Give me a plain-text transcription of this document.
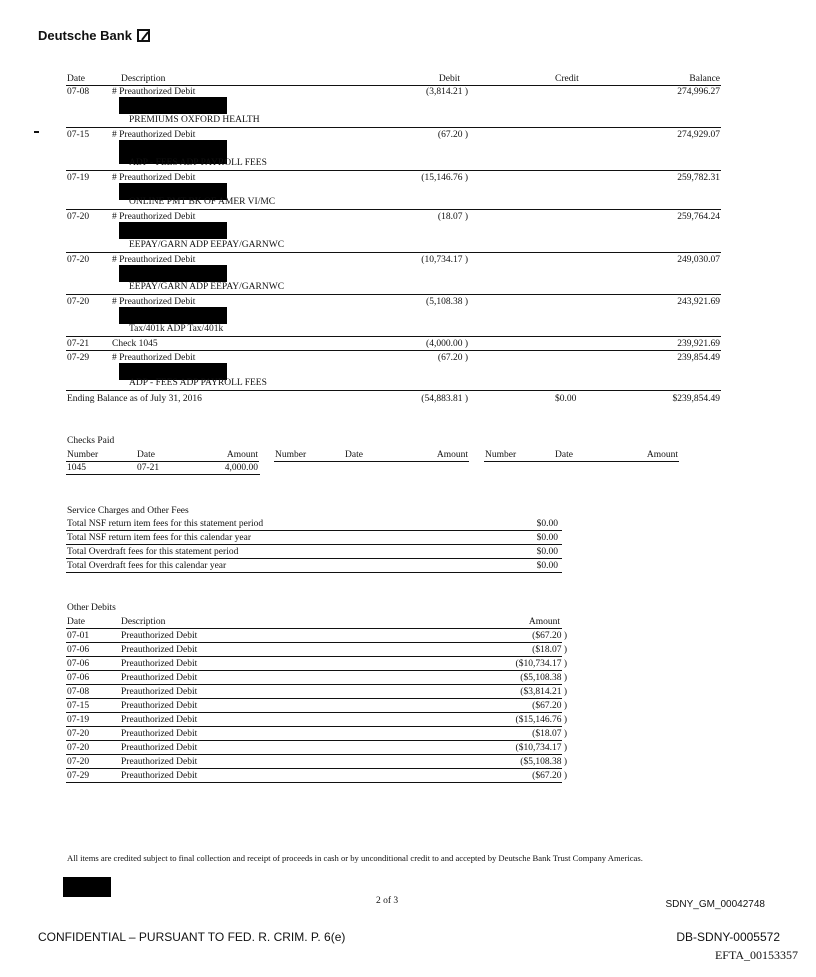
Deutsche Bank
Date	Description	Debit	Credit	Balance
07-08 # Preauthorized Debit	(3,814.21 )	274,996.27
PREMIUMS OXFORD HEALTH
07-15 # Preauthorized Debit	(67.20 )	274,929.07
ADP - FEES ADP PAYROLL FEES
07-19 # Preauthorized Debit	(15,146.76 )	259,782.31
ONLINE PMT BK OF AMER VI/MC
07-20 # Preauthorized Debit	(18.07 )	259,764.24
EEPAY/GARN ADP EEPAY/GARNWC
07-20 # Preauthorized Debit	(10,734.17 )	249,030.07
EEPAY/GARN ADP EEPAY/GARNWC
07-20 # Preauthorized Debit	(5,108.38 )	243,921.69
Tax/401k ADP Tax/401k
07-21 Check 1045	(4,000.00 )	239,921.69
07-29 # Preauthorized Debit	(67.20 )	239,854.49
ADP - FEES ADP PAYROLL FEES
Ending Balance as of July 31, 2016	(54,883.81 )	$0.00	$239,854.49
Checks Paid
Number	Date	Amount Number	Date	Amount Number	Date	Amount
1045	07-21	4,000.00
Service Charges and Other Fees
Total NSF return item fees for this statement period	$0.00
Total NSF return item fees for this calendar year	$0.00
Total Overdraft fees for this statement period	$0.00
Total Overdraft fees for this calendar year	$0.00
Other Debits
Date	Description	Amount
07-01	Preauthorized Debit	($67.20 )
07-06	Preauthorized Debit	($18.07 )
07-06	Preauthorized Debit	($10,734.17 )
07-06	Preauthorized Debit	($5,108.38 )
07-08	Preauthorized Debit	($3,814.21 )
07-15	Preauthorized Debit	($67.20 )
07-19	Preauthorized Debit	($15,146.76 )
07-20	Preauthorized Debit	($18.07 )
07-20	Preauthorized Debit	($10,734.17 )
07-20	Preauthorized Debit	($5,108.38 )
07-29	Preauthorized Debit	($67.20 )
All items are credited subject to final collection and receipt of proceeds in cash or by unconditional credit to and accepted by Deutsche Bank Trust Company Americas.
2 of 3	SDNY_GM_00042748
CONFIDENTIAL – PURSUANT TO FED. R. CRIM. P. 6(e)	DB-SDNY-0005572
EFTA_00153357
